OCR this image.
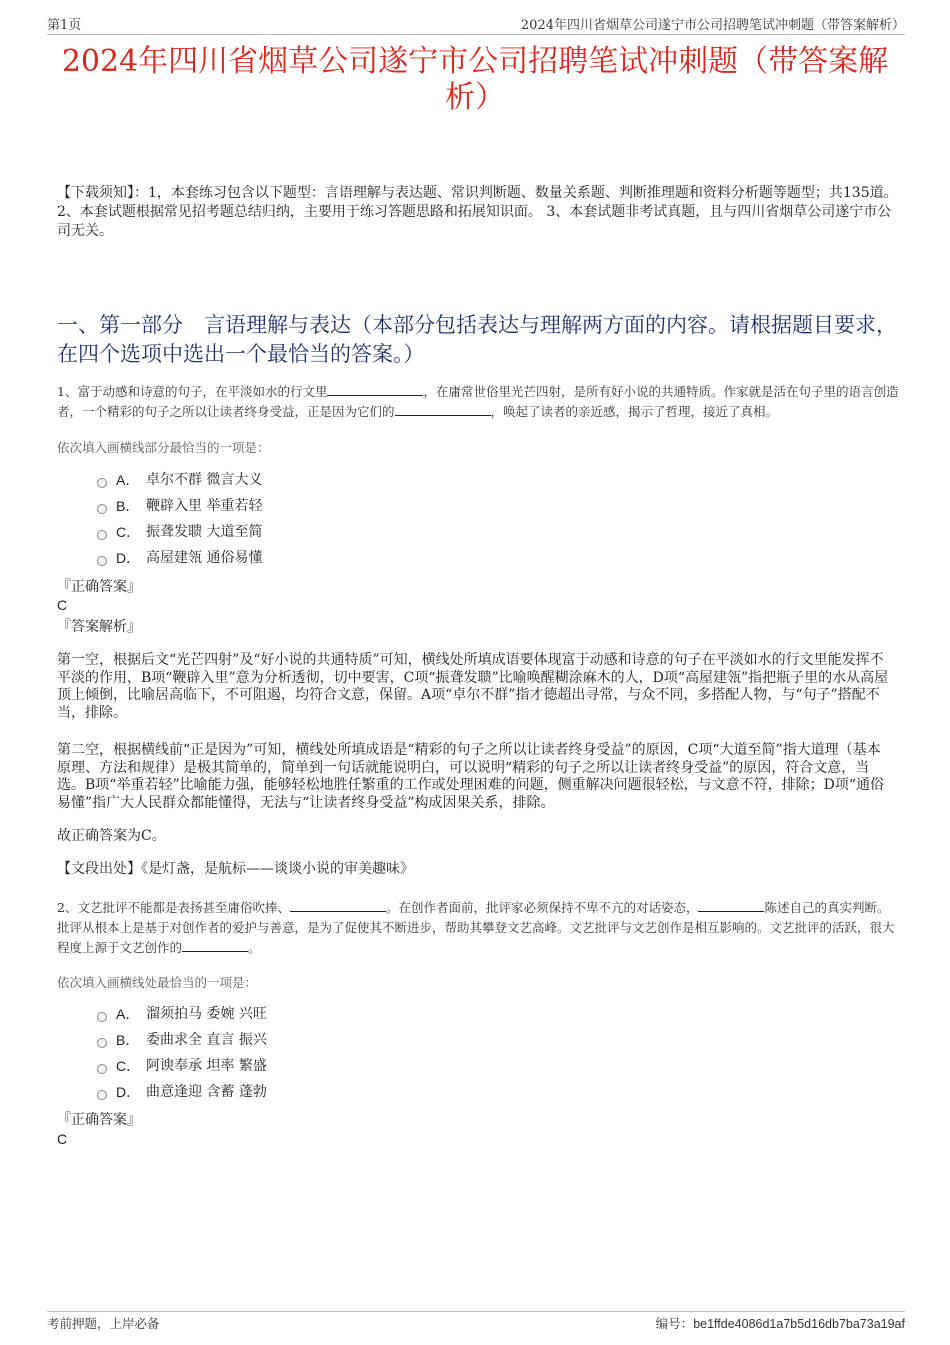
第1页	2024年四川省烟草公司遂宁市公司招聘笔试冲刺题（带答案解析）
2024年四川省烟草公司遂宁市公司招聘笔试冲刺题（带答案解析）
【下载须知】：1，本套练习包含以下题型：言语理解与表达题、常识判断题、数量关系题、判断推理题和资料分析题等题型；共135道。 2、本套试题根据常见招考题总结归纳，主要用于练习答题思路和拓展知识面。 3、本套试题非考试真题，且与四川省烟草公司遂宁市公司无关。
一、第一部分　言语理解与表达（本部分包括表达与理解两方面的内容。请根据题目要求，在四个选项中选出一个最恰当的答案。）
1、富于动感和诗意的句子，在平淡如水的行文里	，在庸常世俗里光芒四射，是所有好小说的共通特质。作家就是活在句子里的语言创造者，一个精彩的句子之所以让读者终身受益，正是因为它们的	，唤起了读者的亲近感，揭示了哲理，接近了真相。
依次填入画横线部分最恰当的一项是：
A． 卓尔不群 微言大义
B． 鞭辟入里 举重若轻
C． 振聋发聩 大道至简
D． 高屋建瓴 通俗易懂
『正确答案』
C
『答案解析』
第一空，根据后文“光芒四射”及“好小说的共通特质”可知，横线处所填成语要体现富于动感和诗意的句子在平淡如水的行文里能发挥不平淡的作用，B项“鞭辟入里”意为分析透彻，切中要害，C项“振聋发聩”比喻唤醒糊涂麻木的人，D项“高屋建瓴”指把瓶子里的水从高屋顶上倾倒，比喻居高临下，不可阻遏，均符合文意，保留。A项“卓尔不群”指才德超出寻常，与众不同，多搭配人物，与“句子”搭配不当，排除。
第二空，根据横线前“正是因为”可知，横线处所填成语是“精彩的句子之所以让读者终身受益”的原因，C项“大道至简”指大道理（基本原理、方法和规律）是极其简单的，简单到一句话就能说明白，可以说明“精彩的句子之所以让读者终身受益”的原因，符合文意，当选。B项“举重若轻”比喻能力强，能够轻松地胜任繁重的工作或处理困难的问题，侧重解决问题很轻松，与文意不符，排除；D项“通俗易懂”指广大人民群众都能懂得，无法与“让读者终身受益”构成因果关系，排除。
故正确答案为C。
【文段出处】《是灯盏，是航标——谈谈小说的审美趣味》
2、文艺批评不能都是表扬甚至庸俗吹捧、	。在创作者面前，批评家必须保持不卑不亢的对话姿态，	陈述自己的真实判断。批评从根本上是基于对创作者的爱护与善意，是为了促使其不断进步，帮助其攀登文艺高峰。文艺批评与文艺创作是相互影响的。文艺批评的活跃，很大程度上源于文艺创作的	。
依次填入画横线处最恰当的一项是：
A． 溜须拍马 委婉 兴旺
B． 委曲求全 直言 振兴
C． 阿谀奉承 坦率 繁盛
D． 曲意逢迎 含蓄 蓬勃
『正确答案』
C
考前押题，上岸必备	编号：be1ffde4086d1a7b5d16db7ba73a19af
